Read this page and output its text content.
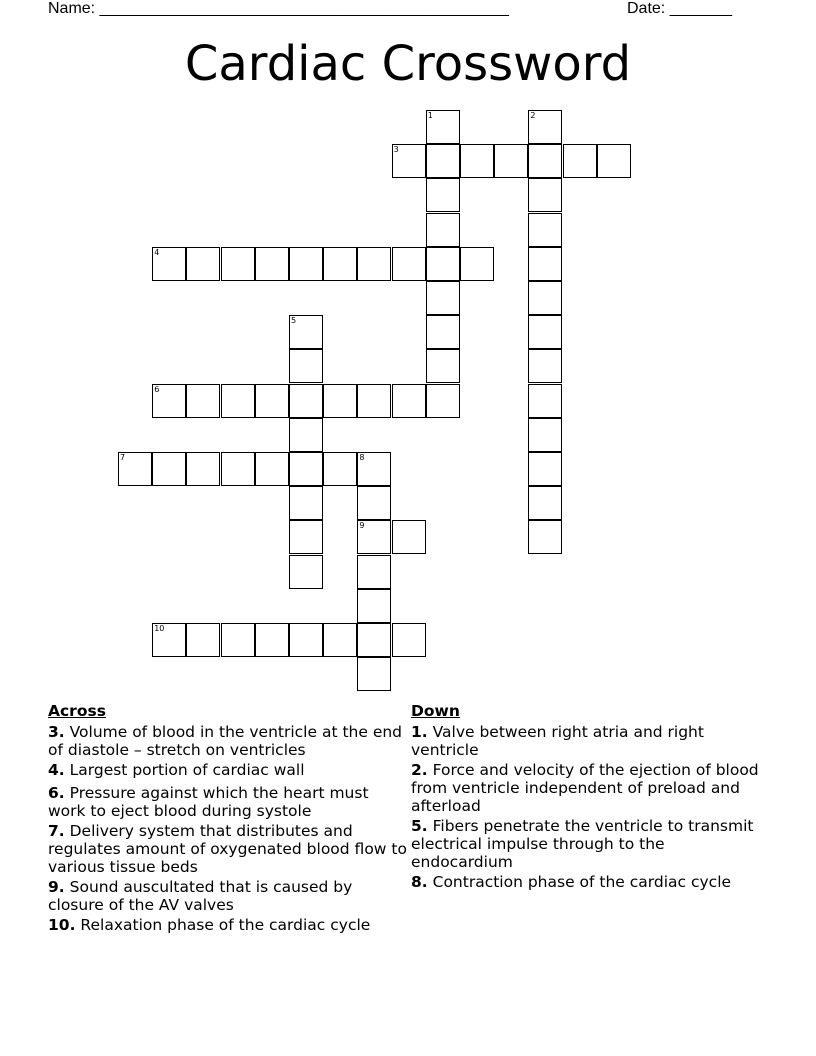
Name: ______________________________________________	Date: _______
Cardiac Crossword
1	2
3
4
5
6
7	8
9
10
Across
3. Volume of blood in the ventricle at the end of diastole – stretch on ventricles
4. Largest portion of cardiac wall
6. Pressure against which the heart must work to eject blood during systole
7. Delivery system that distributes and regulates amount of oxygenated blood flow to various tissue beds
9. Sound auscultated that is caused by closure of the AV valves
10. Relaxation phase of the cardiac cycle
Down
1. Valve between right atria and right ventricle
2. Force and velocity of the ejection of blood from ventricle independent of preload and afterload
5. Fibers penetrate the ventricle to transmit electrical impulse through to the endocardium
8. Contraction phase of the cardiac cycle
